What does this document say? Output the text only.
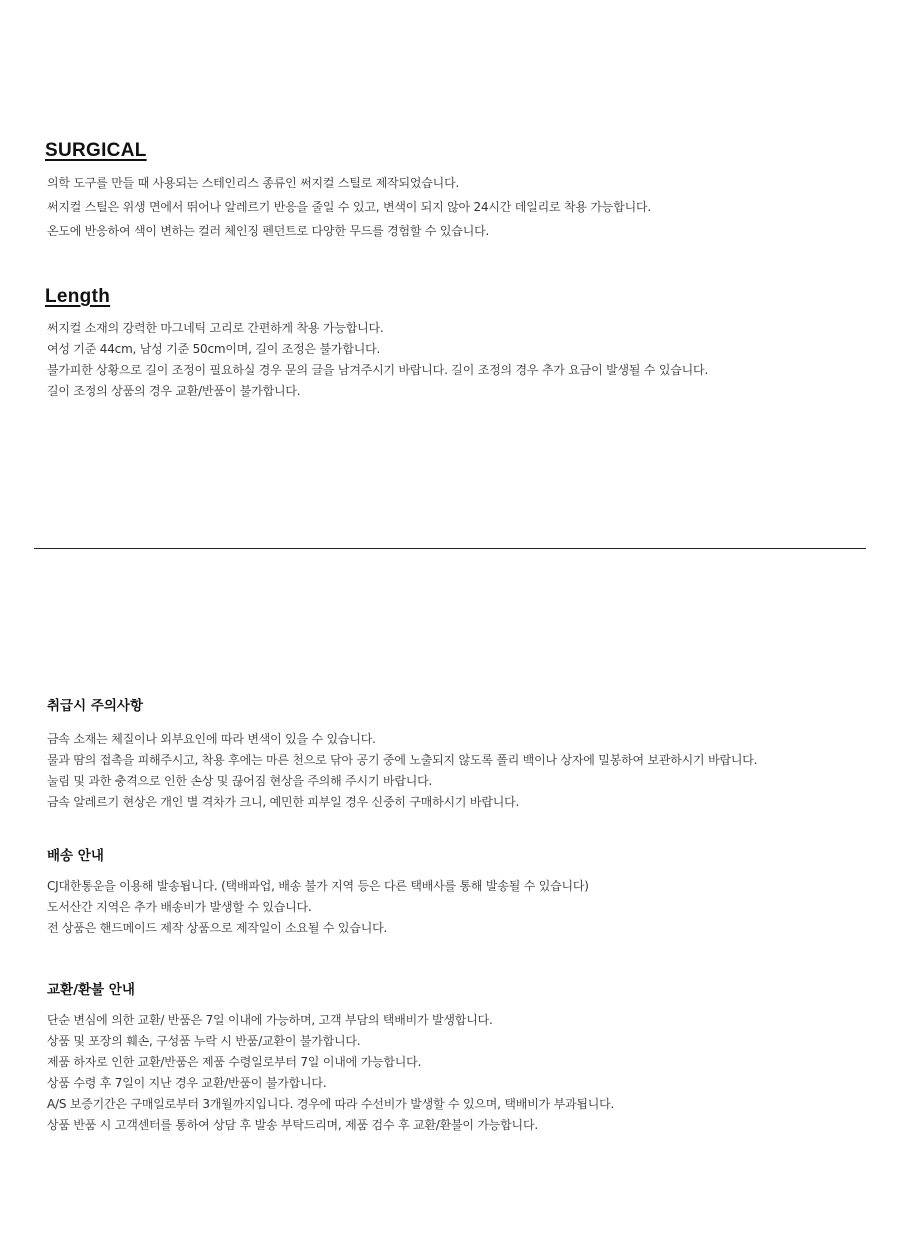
SURGICAL
의학 도구를 만들 때 사용되는 스테인리스 종류인 써지컬 스틸로 제작되었습니다.
써지컬 스틸은 위생 면에서 뛰어나 알레르기 반응을 줄일 수 있고, 변색이 되지 않아 24시간 데일리로 착용 가능합니다.
온도에 반응하여 색이 변하는 컬러 체인징 펜던트로 다양한 무드를 경험할 수 있습니다.
Length
써지컬 소재의 강력한 마그네틱 고리로 간편하게 착용 가능합니다.
여성 기준 44cm, 남성 기준 50cm이며, 길이 조정은 불가합니다.
불가피한 상황으로 길이 조정이 필요하실 경우 문의 글을 남겨주시기 바랍니다. 길이 조정의 경우 추가 요금이 발생될 수 있습니다.
길이 조정의 상품의 경우 교환/반품이 불가합니다.
취급시 주의사항
금속 소재는 체질이나 외부요인에 따라 변색이 있을 수 있습니다.
물과 땀의 접촉을 피해주시고, 착용 후에는 마른 천으로 닦아 공기 중에 노출되지 않도록 폴리 백이나 상자에 밀봉하여 보관하시기 바랍니다.
눌림 및 과한 충격으로 인한 손상 및 끊어짐 현상을 주의해 주시기 바랍니다.
금속 알레르기 현상은 개인 별 격차가 크니, 예민한 피부일 경우 신중히 구매하시기 바랍니다.
배송 안내
CJ대한통운을 이용해 발송됩니다. (택배파업, 배송 불가 지역 등은 다른 택배사를 통해 발송될 수 있습니다)
도서산간 지역은 추가 배송비가 발생할 수 있습니다.
전 상품은 핸드메이드 제작 상품으로 제작일이 소요될 수 있습니다.
교환/환불 안내
단순 변심에 의한 교환/ 반품은 7일 이내에 가능하며, 고객 부담의 택배비가 발생합니다.
상품 및 포장의 훼손, 구성품 누락 시 반품/교환이 불가합니다.
제품 하자로 인한 교환/반품은 제품 수령일로부터 7일 이내에 가능합니다.
상품 수령 후 7일이 지난 경우 교환/반품이 불가합니다.
A/S 보증기간은 구매일로부터 3개월까지입니다. 경우에 따라 수선비가 발생할 수 있으며, 택배비가 부과됩니다.
상품 반품 시 고객센터를 통하여 상담 후 발송 부탁드리며, 제품 검수 후 교환/환불이 가능합니다.
